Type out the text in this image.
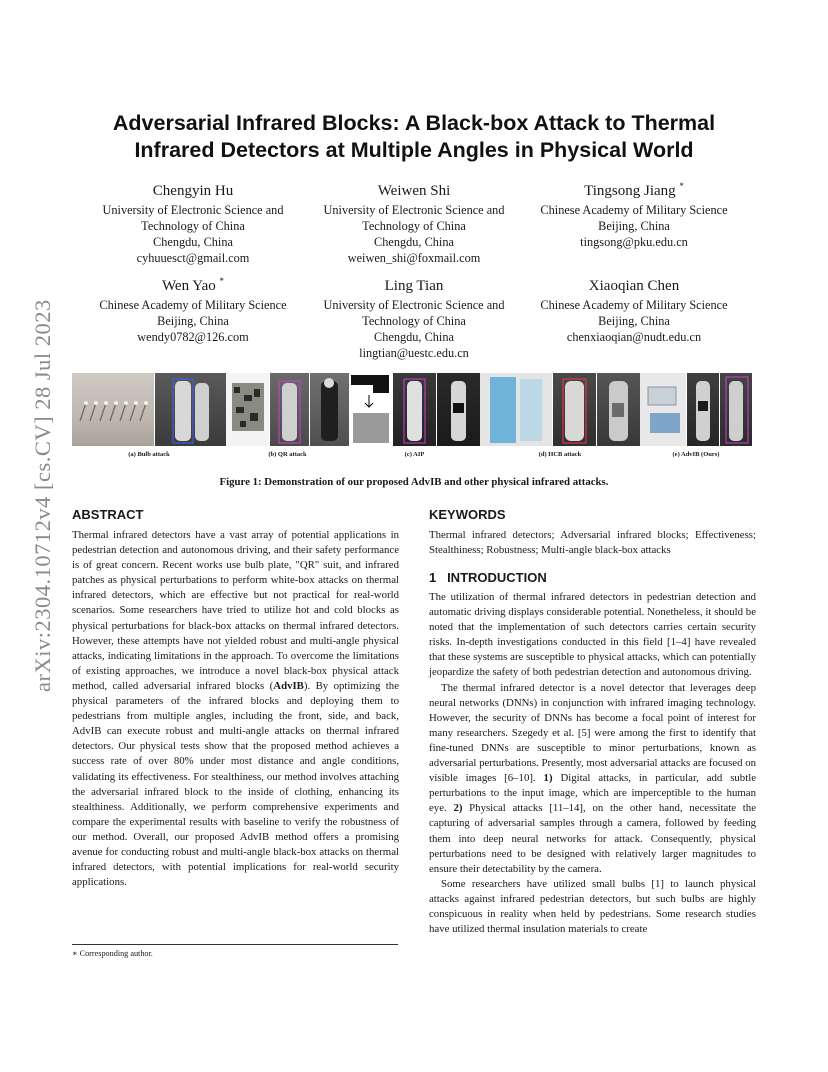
arXiv:2304.10712v4 [cs.CV] 28 Jul 2023
Adversarial Infrared Blocks: A Black-box Attack to Thermal Infrared Detectors at Multiple Angles in Physical World
Chengyin Hu
University of Electronic Science and
Technology of China
Chengdu, China
cyhuuesct@gmail.com
Weiwen Shi
University of Electronic Science and
Technology of China
Chengdu, China
weiwen_shi@foxmail.com
Tingsong Jiang *
Chinese Academy of Military Science
Beijing, China
tingsong@pku.edu.cn
Wen Yao *
Chinese Academy of Military Science
Beijing, China
wendy0782@126.com
Ling Tian
University of Electronic Science and
Technology of China
Chengdu, China
lingtian@uestc.edu.cn
Xiaoqian Chen
Chinese Academy of Military Science
Beijing, China
chenxiaoqian@nudt.edu.cn
(a) Bulb attack	(b) QR attack	(c) AIP	(d) HCB attack	(e) AdvIB (Ours)
Figure 1: Demonstration of our proposed AdvIB and other physical infrared attacks.
ABSTRACT

Thermal infrared detectors have a vast array of potential applications in pedestrian detection and autonomous driving, and their safety performance is of great concern. Recent works use bulb plate, "QR" suit, and infrared patches as physical perturbations to perform white-box attacks on thermal infrared detectors, which are effective but not practical for real-world scenarios. Some researchers have tried to utilize hot and cold blocks as physical perturbations for black-box attacks on thermal infrared detectors. However, these attempts have not yielded robust and multi-angle physical attacks, indicating limitations in the approach. To overcome the limitations of existing approaches, we introduce a novel black-box physical attack method, called adversarial infrared blocks (AdvIB). By optimizing the physical parameters of the infrared blocks and deploying them to pedestrians from multiple angles, including the front, side, and back, AdvIB can execute robust and multi-angle attacks on thermal infrared detectors. Our physical tests show that the proposed method achieves a success rate of over 80% under most distance and angle conditions, validating its effectiveness. For stealthiness, our method involves attaching the adversarial infrared block to the inside of clothing, enhancing its stealthiness. Additionally, we perform comprehensive experiments and compare the experimental results with baseline to verify the robustness of our method. Overall, our proposed AdvIB method offers a promising avenue for conducting robust and multi-angle black-box attacks on thermal infrared detectors, with potential implications for real-world security applications.

∗ Corresponding author.
KEYWORDS

Thermal infrared detectors; Adversarial infrared blocks; Effectiveness; Stealthiness; Robustness; Multi-angle black-box attacks

1   INTRODUCTION

The utilization of thermal infrared detectors in pedestrian detection and automatic driving displays considerable potential. Nonetheless, it should be noted that the implementation of such detectors carries certain security risks. In-depth investigations conducted in this field [1–4] have revealed that these systems are susceptible to physical attacks, which can potentially jeopardize the safety of both pedestrian detection and autonomous driving.

The thermal infrared detector is a novel detector that leverages deep neural networks (DNNs) in conjunction with infrared imaging technology. However, the security of DNNs has become a focal point of interest for many researchers. Szegedy et al. [5] were among the first to identify that fine-tuned DNNs are susceptible to minor perturbations, known as adversarial perturbations. Presently, most adversarial attacks are focused on visible images [6–10]. 1) Digital attacks, in particular, add subtle perturbations to the input image, which are imperceptible to the human eye. 2) Physical attacks [11–14], on the other hand, necessitate the capturing of adversarial samples through a camera, followed by feeding them into deep neural networks for attack. Consequently, physical perturbations need to be designed with relatively larger magnitudes to ensure their detectability by the camera.

Some researchers have utilized small bulbs [1] to launch physical attacks against infrared pedestrian detectors, but such bulbs are highly conspicuous in reality when held by pedestrians. Some research studies have utilized thermal insulation materials to create
